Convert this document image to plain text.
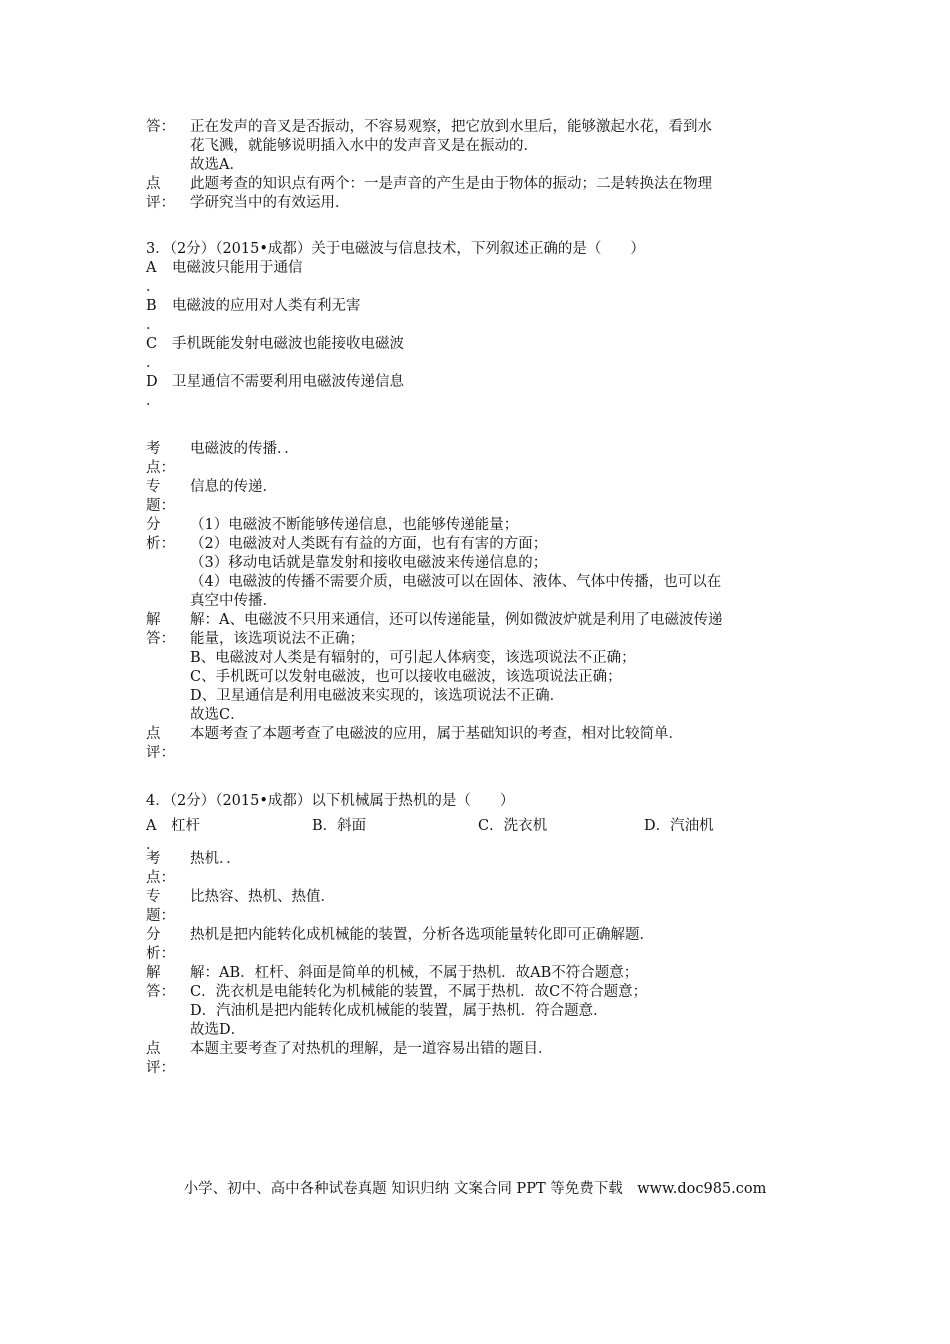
答：	正在发声的音叉是否振动，不容易观察，把它放到水里后，能够激起水花，看到水
花飞溅，就能够说明插入水中的发声音叉是在振动的．
故选A．
点
评：
此题考查的知识点有两个：一是声音的产生是由于物体的振动；二是转换法在物理
学研究当中的有效运用．
3．（2分）（2015•成都）关于电磁波与信息技术，下列叙述正确的是（　　）
A	电磁波只能用于通信
．
B	电磁波的应用对人类有利无害
．
C	手机既能发射电磁波也能接收电磁波
．
D 卫星通信不需要利用电磁波传递信息
．
考
点：
电磁波的传播．．
专
题：
信息的传递．
分
析：
（1）电磁波不断能够传递信息，也能够传递能量；
（2）电磁波对人类既有有益的方面，也有有害的方面；
（3）移动电话就是靠发射和接收电磁波来传递信息的；
（4）电磁波的传播不需要介质，电磁波可以在固体、液体、气体中传播，也可以在
真空中传播．
解
答：
解：A、电磁波不只用来通信，还可以传递能量，例如微波炉就是利用了电磁波传递
能量，该选项说法不正确；
B、电磁波对人类是有辐射的，可引起人体病变，该选项说法不正确；
C、手机既可以发射电磁波，也可以接收电磁波，该选项说法正确；
D、卫星通信是利用电磁波来实现的，该选项说法不正确．
故选C．
点
评：
本题考查了本题考查了电磁波的应用，属于基础知识的考查，相对比较简单．
4．（2分）（2015•成都）以下机械属于热机的是（　　）
A　杠杆	B．斜面	C．洗衣机	D．汽油机
．
考
点：
热机．．
专
题：
比热容、热机、热值．
分
析：
热机是把内能转化成机械能的装置，分析各选项能量转化即可正确解题．
解
答：
解：AB．杠杆、斜面是简单的机械，不属于热机．故AB不符合题意；
C．洗衣机是电能转化为机械能的装置，不属于热机．故C不符合题意；
D．汽油机是把内能转化成机械能的装置，属于热机．符合题意．
故选D．
点
评：
本题主要考查了对热机的理解，是一道容易出错的题目．
小学、初中、高中各种试卷真题 知识归纳 文案合同 PPT 等免费下载　www.doc985.com
